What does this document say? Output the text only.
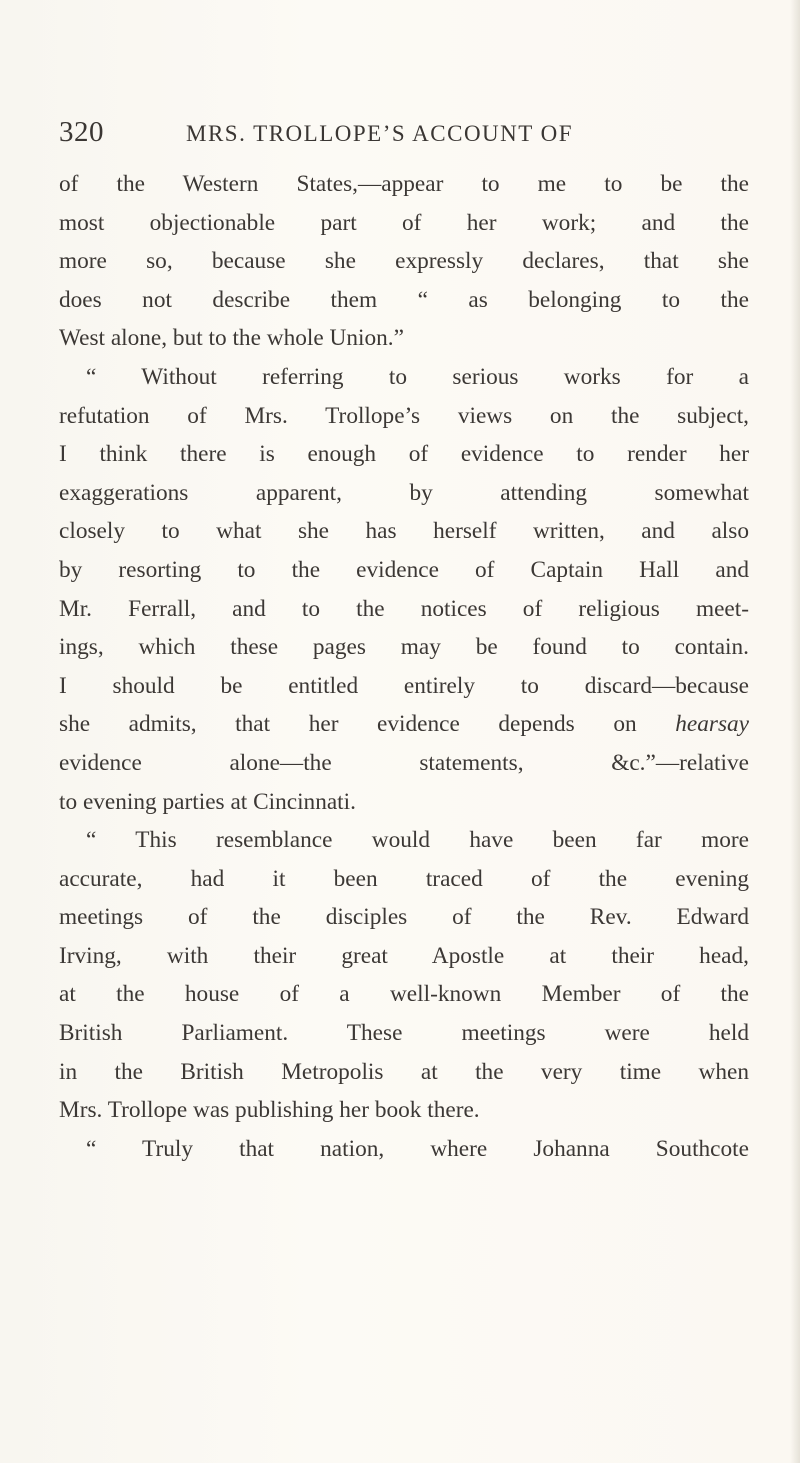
320	MRS. TROLLOPE’S ACCOUNT OF
of the Western States,—appear to me to be the
most objectionable part of her work; and the
more so, because she expressly declares, that she
does not describe them “ as belonging to the
West alone, but to the whole Union.”
“ Without referring to serious works for a
refutation of Mrs. Trollope’s views on the subject,
I think there is enough of evidence to render her
exaggerations apparent, by attending somewhat
closely to what she has herself written, and also
by resorting to the evidence of Captain Hall and
Mr. Ferrall, and to the notices of religious meet-
ings, which these pages may be found to contain.
I should be entitled entirely to discard—because
she admits, that her evidence depends on hearsay
evidence alone—the statements, &c.”—relative
to evening parties at Cincinnati.
“ This resemblance would have been far more
accurate, had it been traced of the evening
meetings of the disciples of the Rev. Edward
Irving, with their great Apostle at their head,
at the house of a well-known Member of the
British Parliament. These meetings were held
in the British Metropolis at the very time when
Mrs. Trollope was publishing her book there.
“ Truly that nation, where Johanna Southcote
